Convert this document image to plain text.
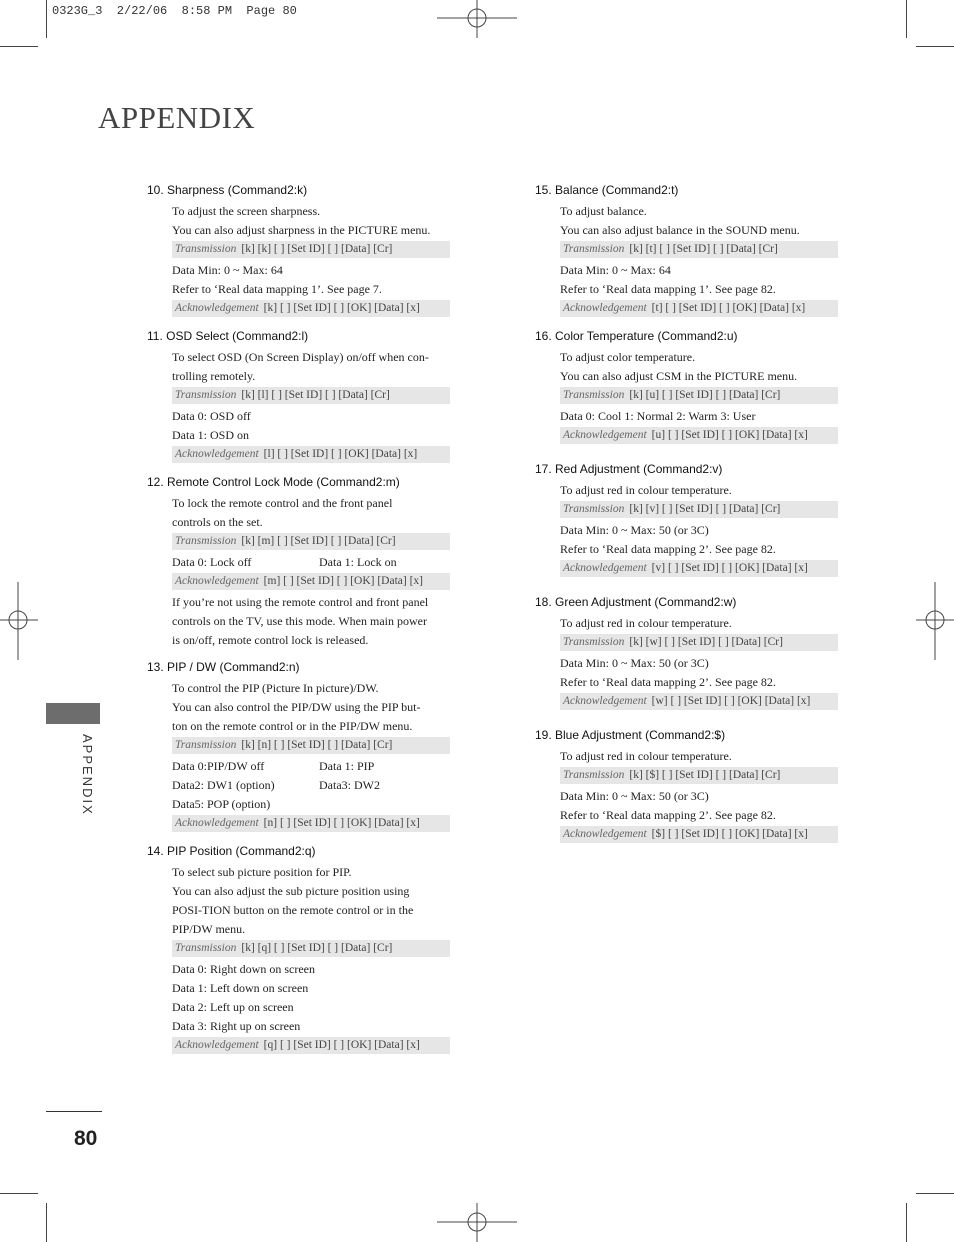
0323G_3  2/22/06  8:58 PM  Page 80
APPENDIX
APPENDIX
80
10. Sharpness (Command2:k)
To adjust the screen sharpness.
You can also adjust sharpness in the PICTURE menu.
Transmission [k] [k] [ ] [Set ID] [ ] [Data] [Cr]
Data Min: 0 ~ Max: 64
Refer to ‘Real data mapping 1’. See page 7.
Acknowledgement [k] [ ] [Set ID] [ ] [OK] [Data] [x]
11. OSD Select (Command2:l)
To select OSD (On Screen Display) on/off when con-
trolling remotely.
Transmission [k] [l] [ ] [Set ID] [ ] [Data] [Cr]
Data 0: OSD off
Data 1: OSD on
Acknowledgement [l] [ ] [Set ID] [ ] [OK] [Data] [x]
12. Remote Control Lock Mode (Command2:m)
To lock the remote control and the front panel
controls on the set.
Transmission [k] [m] [ ] [Set ID] [ ] [Data] [Cr]
Data 0: Lock off	Data 1: Lock on
Acknowledgement [m] [ ] [Set ID] [ ] [OK] [Data] [x]
If you’re not using the remote control and front panel
controls on the TV, use this mode. When main power
is on/off, remote control lock is released.
13. PIP / DW (Command2:n)
To control the PIP (Picture In picture)/DW.
You can also control the PIP/DW using the PIP but-
ton on the remote control or in the PIP/DW menu.
Transmission [k] [n] [ ] [Set ID] [ ] [Data] [Cr]
Data 0:PIP/DW off	Data 1: PIP
Data2: DW1 (option)	Data3: DW2
Data5: POP (option)
Acknowledgement [n] [ ] [Set ID] [ ] [OK] [Data] [x]
14. PIP Position (Command2:q)
To select sub picture position for PIP.
You can also adjust the sub picture position using
POSI-TION button on the remote control or in the
PIP/DW menu.
Transmission [k] [q] [ ] [Set ID] [ ] [Data] [Cr]
Data 0: Right down on screen
Data 1: Left down on screen
Data 2: Left up on screen
Data 3: Right up on screen
Acknowledgement [q] [ ] [Set ID] [ ] [OK] [Data] [x]
15. Balance (Command2:t)
To adjust balance.
You can also adjust balance in the SOUND menu.
Transmission [k] [t] [ ] [Set ID] [ ] [Data] [Cr]
Data Min: 0 ~ Max: 64
Refer to ‘Real data mapping 1’. See page 82.
Acknowledgement [t] [ ] [Set ID] [ ] [OK] [Data] [x]
16. Color Temperature (Command2:u)
To adjust color temperature.
You can also adjust CSM in the PICTURE menu.
Transmission [k] [u] [ ] [Set ID] [ ] [Data] [Cr]
Data 0: Cool 1: Normal 2: Warm 3: User
Acknowledgement [u] [ ] [Set ID] [ ] [OK] [Data] [x]
17. Red Adjustment (Command2:v)
To adjust red in colour temperature.
Transmission [k] [v] [ ] [Set ID] [ ] [Data] [Cr]
Data Min: 0 ~ Max: 50 (or 3C)
Refer to ‘Real data mapping 2’. See page 82.
Acknowledgement [v] [ ] [Set ID] [ ] [OK] [Data] [x]
18. Green Adjustment (Command2:w)
To adjust red in colour temperature.
Transmission [k] [w] [ ] [Set ID] [ ] [Data] [Cr]
Data Min: 0 ~ Max: 50 (or 3C)
Refer to ‘Real data mapping 2’. See page 82.
Acknowledgement [w] [ ] [Set ID] [ ] [OK] [Data] [x]
19. Blue Adjustment (Command2:$)
To adjust red in colour temperature.
Transmission [k] [$] [ ] [Set ID] [ ] [Data] [Cr]
Data Min: 0 ~ Max: 50 (or 3C)
Refer to ‘Real data mapping 2’. See page 82.
Acknowledgement [$] [ ] [Set ID] [ ] [OK] [Data] [x]
